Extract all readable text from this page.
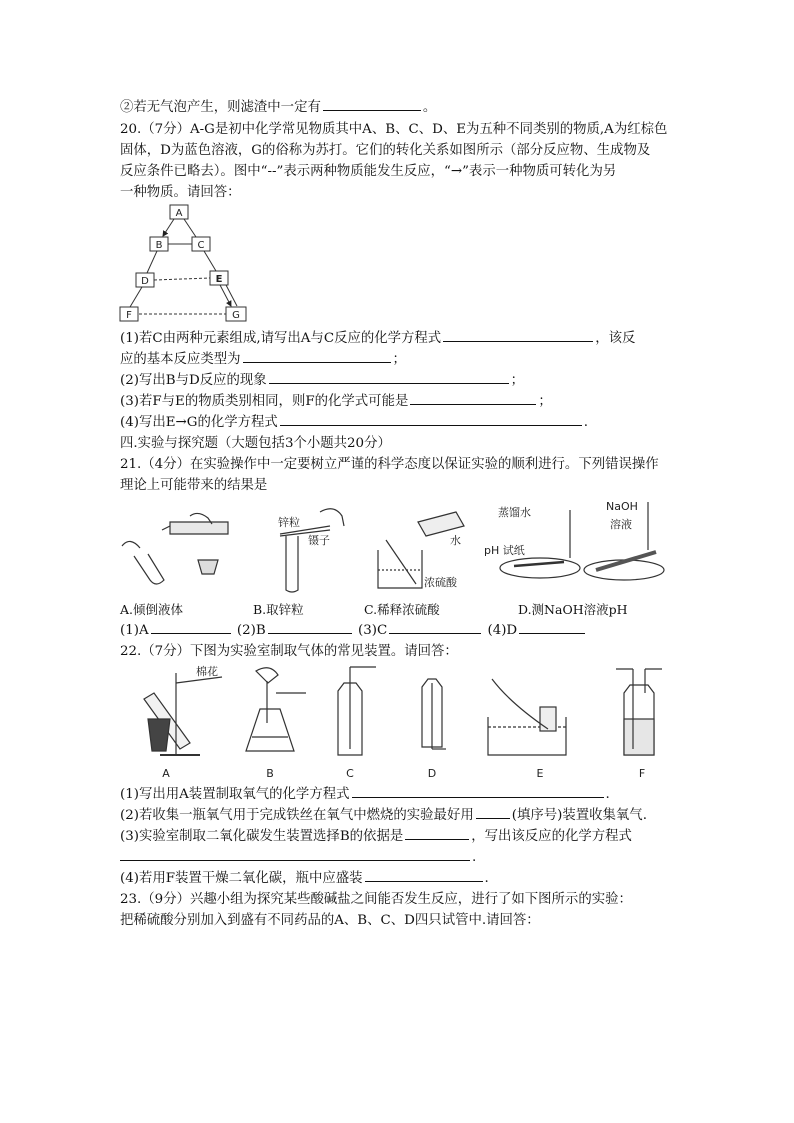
②若无气泡产生，则滤渣中一定有	。
20.（7分）A-G是初中化学常见物质其中A、B、C、D、E为五种不同类别的物质,A为红棕色
固体，D为蓝色溶液，G的俗称为苏打。它们的转化关系如图所示（部分反应物、生成物及
反应条件已略去）。图中“--”表示两种物质能发生反应，“→”表示一种物质可转化为另
一种物质。请回答：
A
B	C
D	E
F	G
(1)若C由两种元素组成,请写出A与C反应的化学方程式	，该反
应的基本反应类型为	；
(2)写出B与D反应的现象	；
(3)若F与E的物质类别相同，则F的化学式可能是	；
(4)写出E→G的化学方程式	.
四.实验与探究题（大题包括3个小题共20分）
21.（4分）在实验操作中一定要树立严谨的科学态度以保证实验的顺利进行。下列错误操作
理论上可能带来的结果是
锌粒
镊子	水
浓硫酸
蒸馏水
pH 试纸
NaOH
溶液
A.倾倒液体	B.取锌粒	C.稀释浓硫酸	D.测NaOH溶液pH
(1)A	(2)B	(3)C	(4)D
22.（7分）下图为实验室制取气体的常见装置。请回答：
棉花
A	B	C	D	E	F
(1)写出用A装置制取氧气的化学方程式	.
(2)若收集一瓶氧气用于完成铁丝在氧气中燃烧的实验最好用	(填序号)装置收集氧气.
(3)实验室制取二氧化碳发生装置选择B的依据是	，写出该反应的化学方程式
.
(4)若用F装置干燥二氧化碳，瓶中应盛装	.
23.（9分）兴趣小组为探究某些酸碱盐之间能否发生反应，进行了如下图所示的实验：
把稀硫酸分别加入到盛有不同药品的A、B、C、D四只试管中.请回答：
